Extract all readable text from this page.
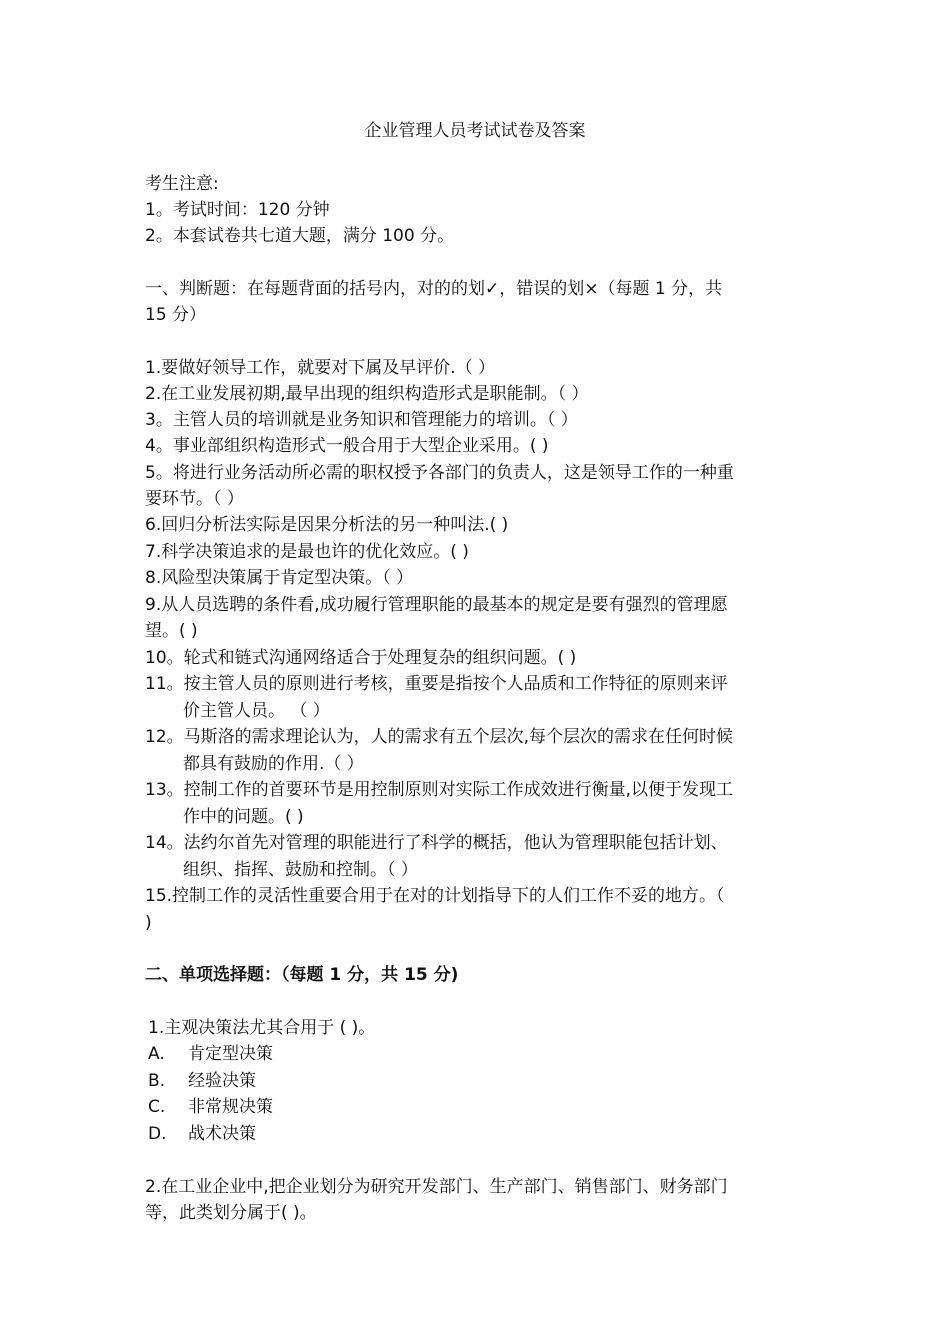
企业管理人员考试试卷及答案
考生注意:
1。考试时间：120 分钟
2。本套试卷共七道大题，满分 100 分。
一、判断题：在每题背面的括号内，对的的划✓，错误的划×（每题 1 分，共
15 分）
1.要做好领导工作，就要对下属及早评价.（ ）
2.在工业发展初期,最早出现的组织构造形式是职能制。（ ）
3。主管人员的培训就是业务知识和管理能力的培训。（ ）
4。事业部组织构造形式一般合用于大型企业采用。( )
5。将进行业务活动所必需的职权授予各部门的负责人，这是领导工作的一种重
要环节。（ ）
6.回归分析法实际是因果分析法的另一种叫法.( )
7.科学决策追求的是最也许的优化效应。( )
8.风险型决策属于肯定型决策。（ ）
9.从人员选聘的条件看,成功履行管理职能的最基本的规定是要有强烈的管理愿
望。( )
10。轮式和链式沟通网络适合于处理复杂的组织问题。( )
11。按主管人员的原则进行考核，重要是指按个人品质和工作特征的原则来评
价主管人员。 （ ）
12。马斯洛的需求理论认为，人的需求有五个层次,每个层次的需求在任何时候
都具有鼓励的作用.（ ）
13。控制工作的首要环节是用控制原则对实际工作成效进行衡量,以便于发现工
作中的问题。( )
14。法约尔首先对管理的职能进行了科学的概括，他认为管理职能包括计划、
组织、指挥、鼓励和控制。（ ）
15.控制工作的灵活性重要合用于在对的计划指导下的人们工作不妥的地方。（
)
二、单项选择题：（每题 1 分，共 15 分)
1.主观决策法尤其合用于 ( )。
A. 肯定型决策
B. 经验决策
C. 非常规决策
D. 战术决策
2.在工业企业中,把企业划分为研究开发部门、生产部门、销售部门、财务部门
等，此类划分属于( )。
